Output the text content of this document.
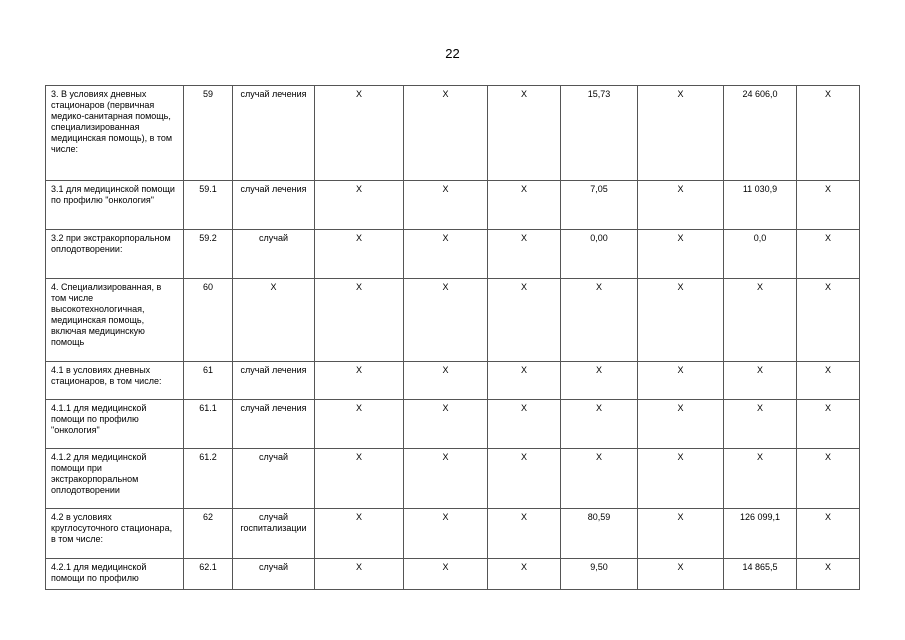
22
3. В условиях дневных стационаров (первичная медико-санитарная помощь, специализированная медицинская помощь), в том числе:	59	случай лечения	Х	Х	Х	15,73	Х	24 606,0	Х
3.1 для медицинской помощи по профилю "онкология"	59.1	случай лечения	Х	Х	Х	7,05	Х	11 030,9	Х
3.2 при экстракорпоральном оплодотворении:	59.2	случай	Х	Х	Х	0,00	Х	0,0	Х
4. Специализированная, в том числе высокотехнологичная, медицинская помощь, включая медицинскую помощь	60	Х	Х	Х	Х	Х	Х	Х	Х
4.1 в условиях дневных стационаров, в том числе:	61	случай лечения	Х	Х	Х	Х	Х	Х	Х
4.1.1 для медицинской помощи по профилю "онкология"	61.1	случай лечения	Х	Х	Х	Х	Х	Х	Х
4.1.2 для медицинской помощи при экстракорпоральном оплодотворении	61.2	случай	Х	Х	Х	Х	Х	Х	Х
4.2 в условиях круглосуточного стационара, в том числе:	62	случай госпитализации	Х	Х	Х	80,59	Х	126 099,1	Х
4.2.1 для медицинской помощи по профилю	62.1	случай	Х	Х	Х	9,50	Х	14 865,5	Х
